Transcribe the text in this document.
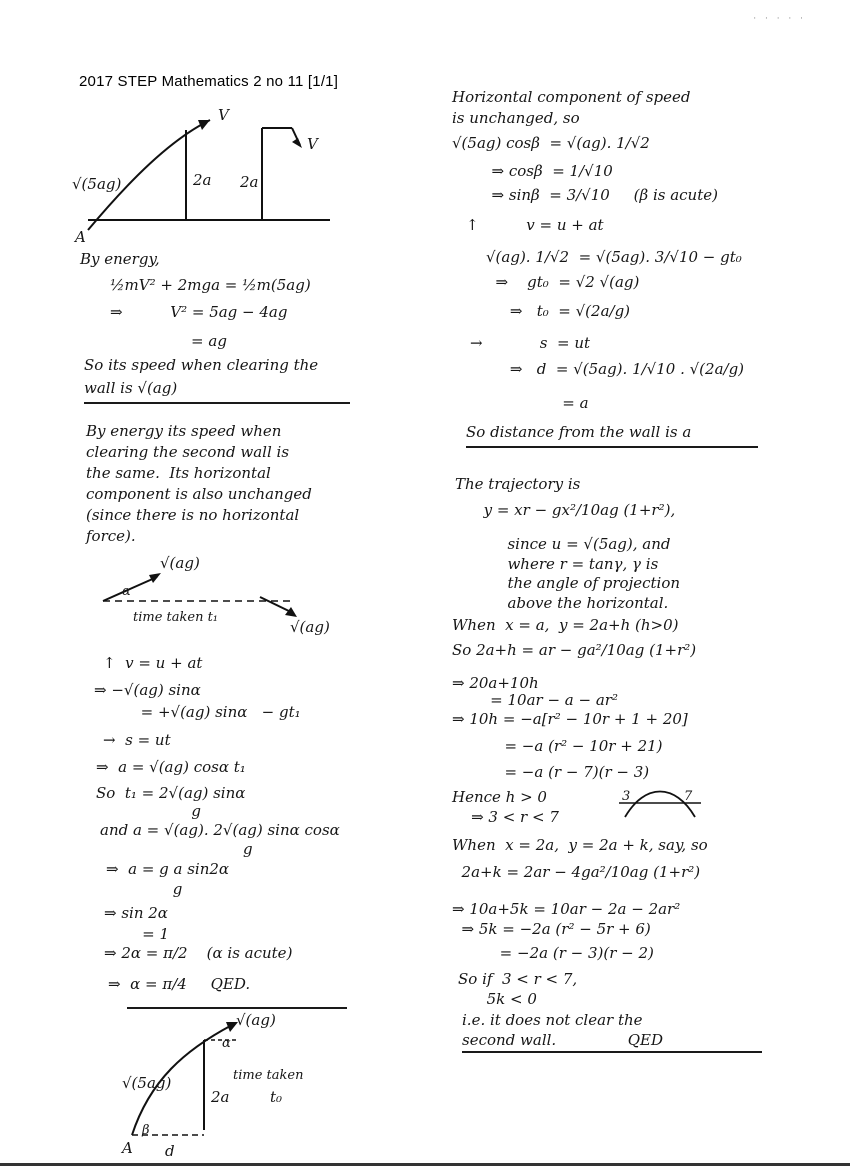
· · · · ·
2017 STEP Mathematics 2 no 11 [1/1]
V
V
√(5ag)	2a 2a
A
By energy,
½mV² + 2mga = ½m(5ag)
⇒          V² = 5ag − 4ag
= ag
So its speed when clearing the
wall is √(ag)
By energy its speed when
clearing the second wall is
the same.  Its horizontal
component is also unchanged
(since there is no horizontal
force).
√(ag)
α
time taken t₁
√(ag)
↑  v = u + at
⇒ −√(ag) sinα
= +√(ag) sinα   − gt₁
→  s = ut
⇒  a = √(ag) cosα t₁
So  t₁ = 2√(ag) sinα
g
and a = √(ag). 2√(ag) sinα cosα
g
⇒  a = g a sin2α
g
⇒ sin 2α
= 1
⇒ 2α = π/2    (α is acute)
⇒  α = π/4     QED.
√(ag)
α
√(5ag)
2a
time taken
t₀
β
A d
Horizontal component of speed
is unchanged, so
√(5ag) cosβ  = √(ag). 1/√2
⇒ cosβ  = 1/√10
⇒ sinβ  = 3/√10     (β is acute)
↑          v = u + at
√(ag). 1/√2  = √(5ag). 3/√10 − gt₀
⇒    gt₀  = √2 √(ag)
⇒   t₀  = √(2a/g)
→            s  = ut
⇒   d  = √(5ag). 1/√10 . √(2a/g)
= a
So distance from the wall is a
The trajectory is
y = xr − gx²/10ag (1+r²),
since u = √(5ag), and
where r = tanγ, γ is
the angle of projection
above the horizontal.
When  x = a,  y = 2a+h (h>0)
So 2a+h = ar − ga²/10ag (1+r²)
⇒ 20a+10h
= 10ar − a − ar²
⇒ 10h = −a[r² − 10r + 1 + 20]
= −a (r² − 10r + 21)
= −a (r − 7)(r − 3)
Hence h > 0
⇒ 3 < r < 7
3	7
When  x = 2a,  y = 2a + k, say, so
2a+k = 2ar − 4ga²/10ag (1+r²)
⇒ 10a+5k = 10ar − 2a − 2ar²
⇒ 5k = −2a (r² − 5r + 6)
= −2a (r − 3)(r − 2)
So if  3 < r < 7,
5k < 0
i.e. it does not clear the
second wall.               QED
